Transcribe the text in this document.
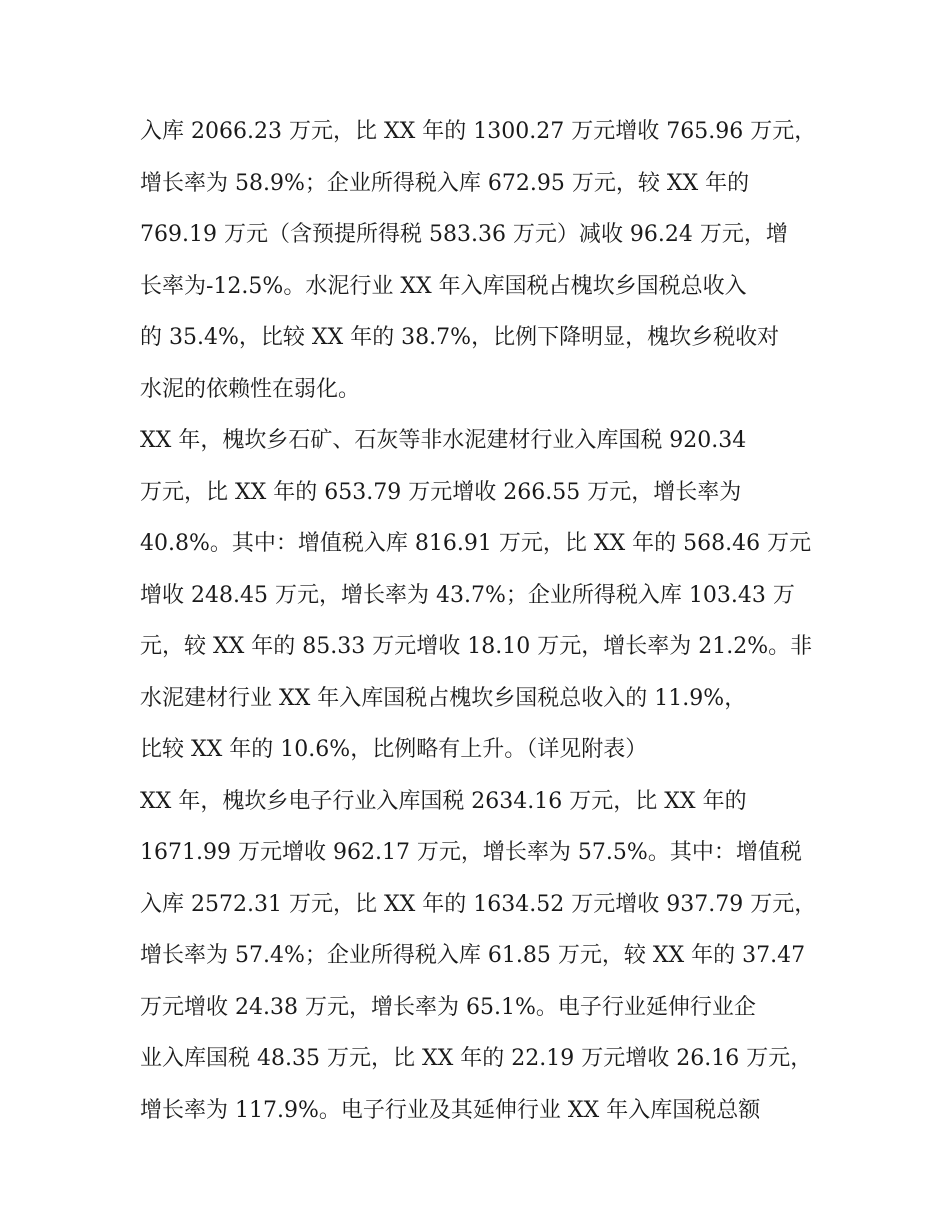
入库 2066.23 万元，比 XX 年的 1300.27 万元增收 765.96 万元，
增长率为 58.9%；企业所得税入库 672.95 万元，较 XX 年的
769.19 万元（含预提所得税 583.36 万元）减收 96.24 万元，增
长率为-12.5%。水泥行业 XX 年入库国税占槐坎乡国税总收入
的 35.4%，比较 XX 年的 38.7%，比例下降明显，槐坎乡税收对
水泥的依赖性在弱化。
XX 年，槐坎乡石矿、石灰等非水泥建材行业入库国税 920.34
万元，比 XX 年的 653.79 万元增收 266.55 万元，增长率为
40.8%。其中：增值税入库 816.91 万元，比 XX 年的 568.46 万元
增收 248.45 万元，增长率为 43.7%；企业所得税入库 103.43 万
元，较 XX 年的 85.33 万元增收 18.10 万元，增长率为 21.2%。非
水泥建材行业 XX 年入库国税占槐坎乡国税总收入的 11.9%，
比较 XX 年的 10.6%，比例略有上升。（详见附表）
XX 年，槐坎乡电子行业入库国税 2634.16 万元，比 XX 年的
1671.99 万元增收 962.17 万元，增长率为 57.5%。其中：增值税
入库 2572.31 万元，比 XX 年的 1634.52 万元增收 937.79 万元，
增长率为 57.4%；企业所得税入库 61.85 万元，较 XX 年的 37.47
万元增收 24.38 万元，增长率为 65.1%。电子行业延伸行业企
业入库国税 48.35 万元，比 XX 年的 22.19 万元增收 26.16 万元，
增长率为 117.9%。电子行业及其延伸行业 XX 年入库国税总额
